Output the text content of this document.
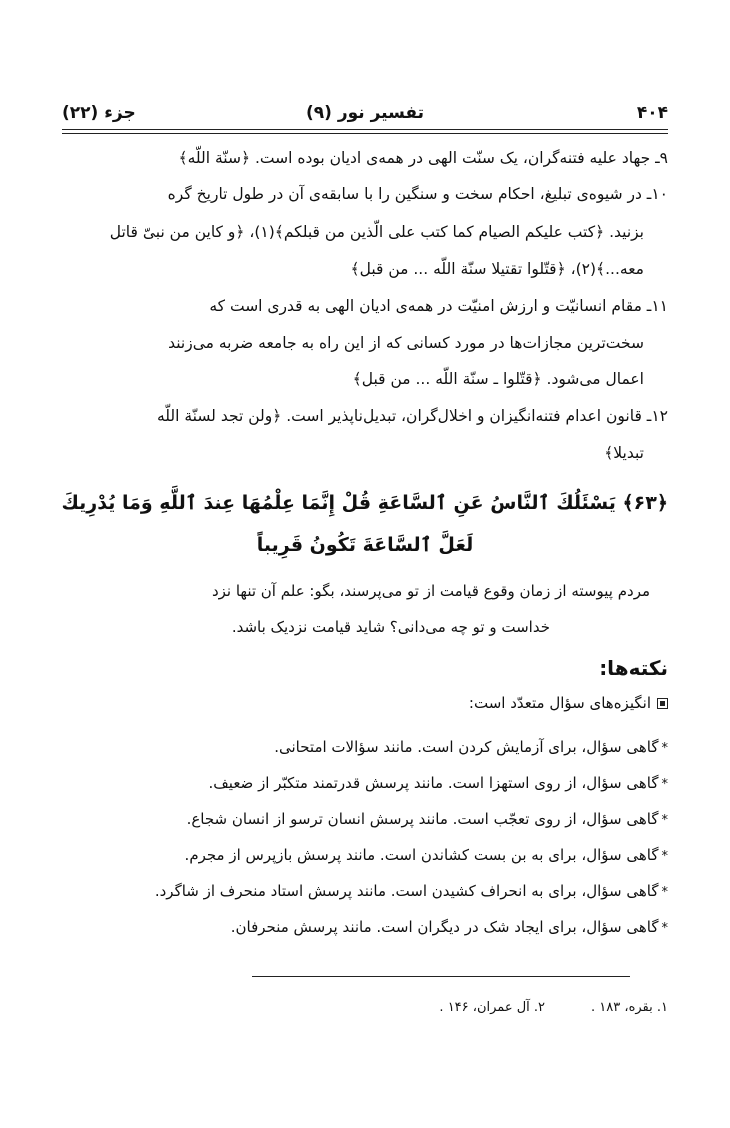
۴۰۴
تفسیر نور (۹)
جزء (۲۲)
۹ـ جهاد علیه فتنه‌گران، یک سنّت الهی در همه‌ی ادیان بوده است. ﴿سنّة اللّه﴾
۱۰ـ در شیوه‌ی تبلیغ، احکام سخت و سنگین را با سابقه‌ی آن در طول تاریخ گره
بزنید. ﴿کتب علیکم الصیام کما کتب علی الّذین من قبلکم﴾(۱)، ﴿و کاین من نبیّ قاتل
معه...﴾(۲)، ﴿قتّلوا تقتیلا سنّة اللّه ... من قبل﴾
۱۱ـ مقام انسانیّت و ارزش امنیّت در همه‌ی ادیان الهی به قدری است که
سخت‌ترین مجازات‌ها در مورد کسانی که از این راه به جامعه ضربه می‌زنند
اعمال می‌شود. ﴿قتّلوا ـ سنّة اللّه ... من قبل﴾
۱۲ـ قانون اعدام فتنه‌انگیزان و اخلال‌گران، تبدیل‌ناپذیر است. ﴿ولن تجد لسنّة اللّه
تبدیلا﴾
﴿۶۳﴾ یَسْئَلُكَ ٱلنَّاسُ عَنِ ٱلسَّاعَةِ قُلْ إِنَّمَا عِلْمُهَا عِندَ ٱللَّهِ وَمَا يُدْرِيكَ
لَعَلَّ ٱلسَّاعَةَ تَكُونُ قَرِيباً
مردم پیوسته از زمان وقوع قیامت از تو می‌پرسند، بگو: علم آن تنها نزد
خداست و تو چه می‌دانی؟ شاید قیامت نزدیک باشد.
نکته‌ها:
انگیزه‌های سؤال متعدّد است:
*گاهی سؤال، برای آزمایش کردن است. مانند سؤالات امتحانی.
*گاهی سؤال، از روی استهزا است. مانند پرسش قدرتمند متکبّر از ضعیف.
*گاهی سؤال، از روی تعجّب است. مانند پرسش انسان ترسو از انسان شجاع.
*گاهی سؤال، برای به بن بست کشاندن است. مانند پرسش بازپرس از مجرم.
*گاهی سؤال، برای به انحراف کشیدن است. مانند پرسش استاد منحرف از شاگرد.
*گاهی سؤال، برای ایجاد شک در دیگران است. مانند پرسش منحرفان.
۱. بقره، ۱۸۳ .
۲. آل عمران، ۱۴۶ .
